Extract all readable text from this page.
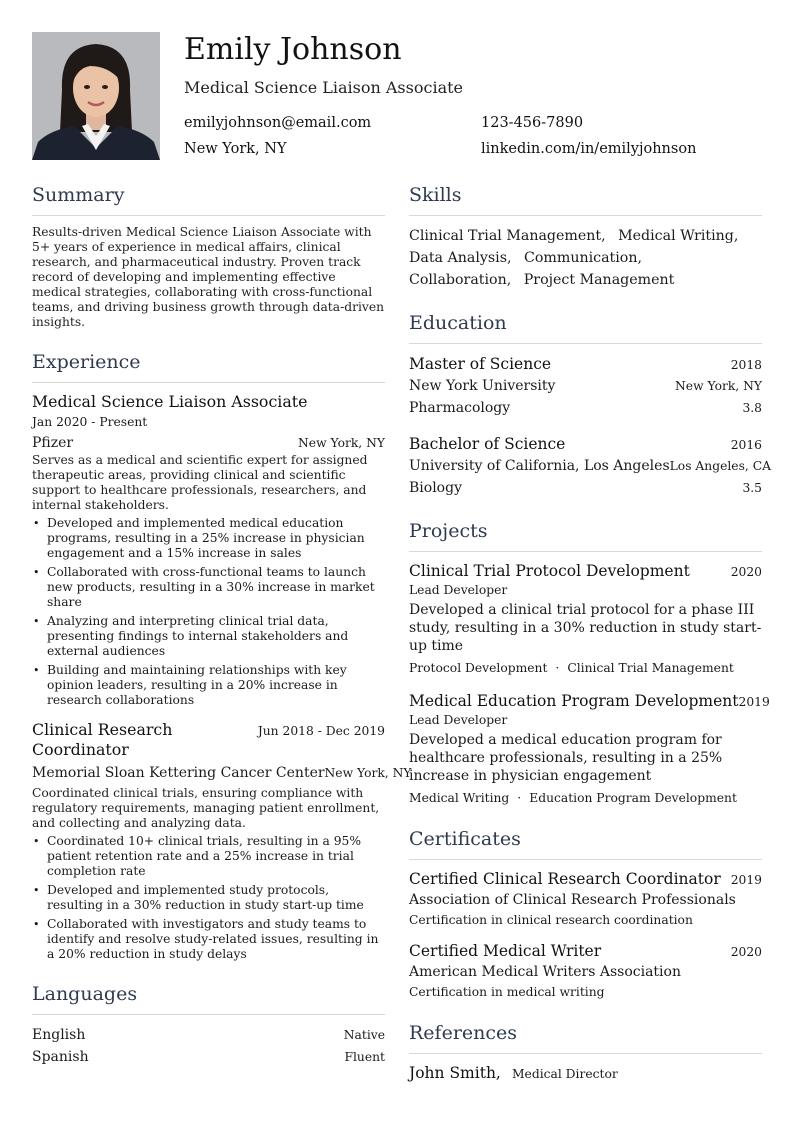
Emily Johnson
Medical Science Liaison Associate
emilyjohnson@email.com	123-456-7890
New York, NY	linkedin.com/in/emilyjohnson
Summary

Results-driven Medical Science Liaison Associate with 5+ years of experience in medical affairs, clinical research, and pharmaceutical industry. Proven track record of developing and implementing effective medical strategies, collaborating with cross-functional teams, and driving business growth through data-driven insights.

Experience
Medical Science Liaison Associate
Jan 2020 - Present
Pfizer	New York, NY

Serves as a medical and scientific expert for assigned therapeutic areas, providing clinical and scientific support to healthcare professionals, researchers, and internal stakeholders.

• Developed and implemented medical education programs, resulting in a 25% increase in physician engagement and a 15% increase in sales
• Collaborated with cross-functional teams to launch new products, resulting in a 30% increase in market share
• Analyzing and interpreting clinical trial data, presenting findings to internal stakeholders and external audiences
• Building and maintaining relationships with key opinion leaders, resulting in a 20% increase in research collaborations
Clinical Research Coordinator
Jun 2018 - Dec 2019
Memorial Sloan Kettering Cancer Center New York, NY

Coordinated clinical trials, ensuring compliance with regulatory requirements, managing patient enrollment, and collecting and analyzing data.

• Coordinated 10+ clinical trials, resulting in a 95% patient retention rate and a 25% increase in trial completion rate
• Developed and implemented study protocols, resulting in a 30% reduction in study start-up time
• Collaborated with investigators and study teams to identify and resolve study-related issues, resulting in a 20% reduction in study delays
Languages
English	Native
Spanish	Fluent
Skills
Clinical Trial Management, Medical Writing, Data Analysis, Communication, Collaboration, Project Management
Education
Master of Science	2018
New York University	New York, NY
Pharmacology	3.8
Bachelor of Science	2016
University of California, Los Angeles Los Angeles, CA
Biology	3.5
Projects
Clinical Trial Protocol Development	2020
Lead Developer

Developed a clinical trial protocol for a phase III study, resulting in a 30% reduction in study start-up time

Protocol Development · Clinical Trial Management
Medical Education Program Development 2019
Lead Developer

Developed a medical education program for healthcare professionals, resulting in a 25% increase in physician engagement

Medical Writing · Education Program Development
Certificates
Certified Clinical Research Coordinator 2019
Association of Clinical Research Professionals
Certification in clinical research coordination
Certified Medical Writer	2020
American Medical Writers Association
Certification in medical writing
References
John Smith, Medical Director
